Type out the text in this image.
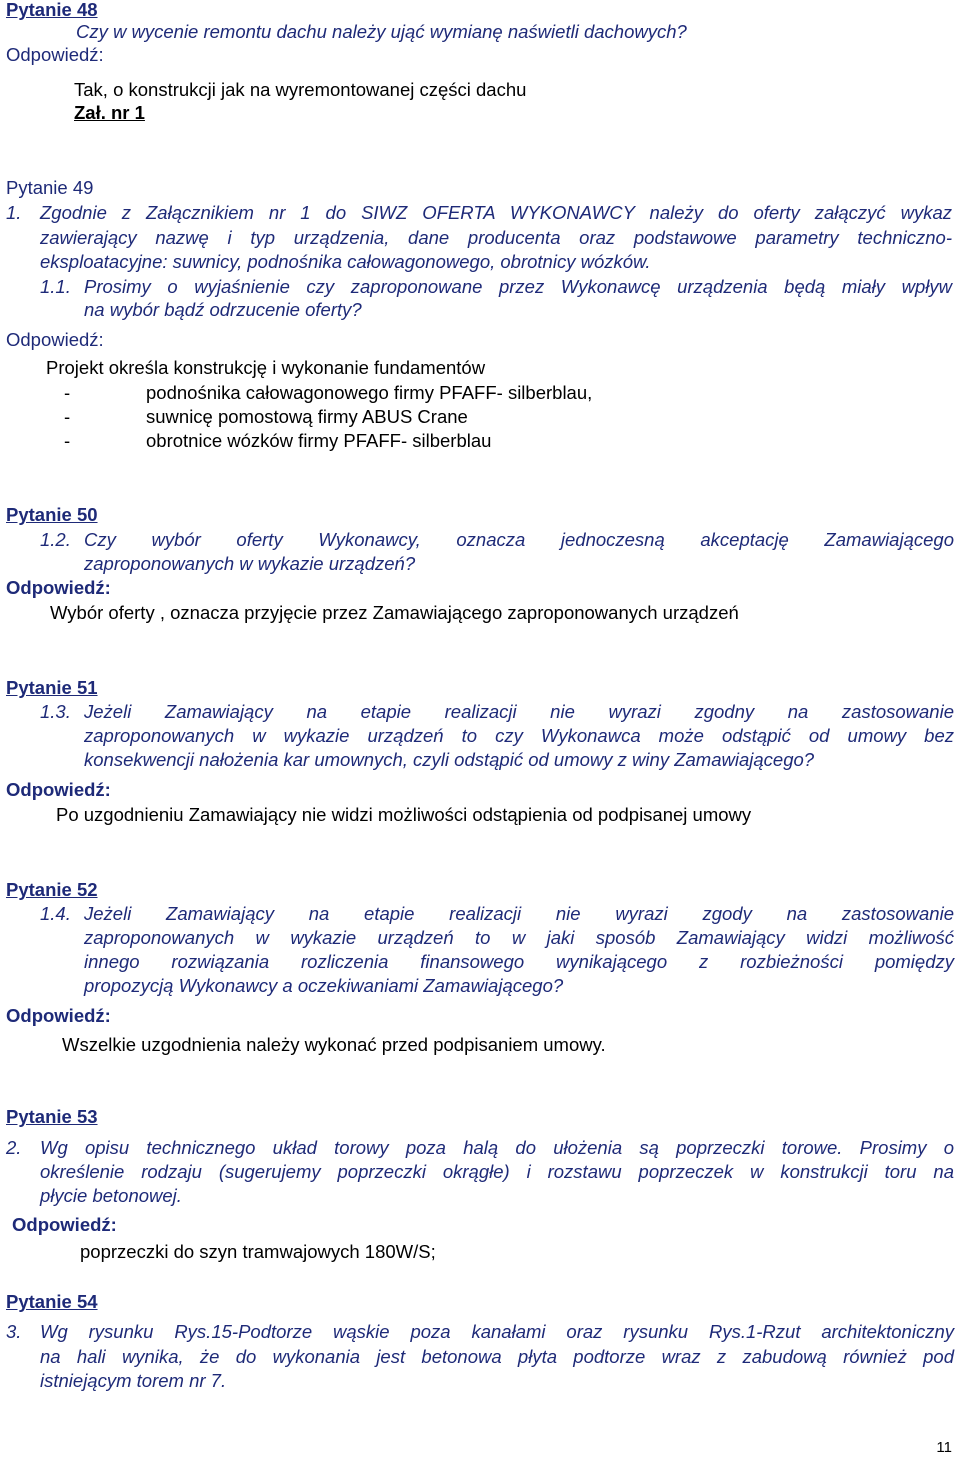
Pytanie 48
Czy w wycenie remontu dachu należy ująć wymianę naświetli dachowych?
Odpowiedź:
Tak, o konstrukcji jak na wyremontowanej części dachu
Zał. nr 1
Pytanie 49
1. Zgodnie z Załącznikiem nr 1 do SIWZ OFERTA WYKONAWCY należy do oferty załączyć wykaz
zawierający nazwę i typ urządzenia, dane producenta oraz podstawowe parametry techniczno-
eksploatacyjne: suwnicy, podnośnika całowagonowego, obrotnicy wózków.
1.1. Prosimy o wyjaśnienie czy zaproponowane przez Wykonawcę urządzenia będą miały wpływ
na wybór bądź odrzucenie oferty?
Odpowiedź:
Projekt określa konstrukcję i wykonanie fundamentów
-	podnośnika całowagonowego firmy PFAFF- silberblau,
-	suwnicę pomostową firmy ABUS Crane
-	obrotnice wózków firmy PFAFF- silberblau
Pytanie 50
1.2. Czy wybór oferty Wykonawcy, oznacza jednoczesną akceptację Zamawiającego
zaproponowanych w wykazie urządzeń?
Odpowiedź:
Wybór oferty , oznacza przyjęcie przez Zamawiającego zaproponowanych urządzeń
Pytanie 51
1.3. Jeżeli Zamawiający na etapie realizacji nie wyrazi zgodny na zastosowanie
zaproponowanych w wykazie urządzeń to czy Wykonawca może odstąpić od umowy bez
konsekwencji nałożenia kar umownych, czyli odstąpić od umowy z winy Zamawiającego?
Odpowiedź:
Po uzgodnieniu Zamawiający nie widzi możliwości odstąpienia od podpisanej umowy
Pytanie 52
1.4. Jeżeli Zamawiający na etapie realizacji nie wyrazi zgody na zastosowanie
zaproponowanych w wykazie urządzeń to w jaki sposób Zamawiający widzi możliwość
innego rozwiązania rozliczenia finansowego wynikającego z rozbieżności pomiędzy
propozycją Wykonawcy a oczekiwaniami Zamawiającego?
Odpowiedź:
Wszelkie uzgodnienia należy wykonać przed podpisaniem umowy.
Pytanie 53
2. Wg opisu technicznego układ torowy poza halą do ułożenia są poprzeczki torowe. Prosimy o
określenie rodzaju (sugerujemy poprzeczki okrągłe) i rozstawu poprzeczek w konstrukcji toru na
płycie betonowej.
Odpowiedź:
poprzeczki do szyn tramwajowych 180W/S;
Pytanie 54
3. Wg rysunku Rys.15-Podtorze wąskie poza kanałami oraz rysunku Rys.1-Rzut architektoniczny
na hali wynika, że do wykonania jest betonowa płyta podtorze wraz z zabudową również pod
istniejącym torem nr 7.
11
